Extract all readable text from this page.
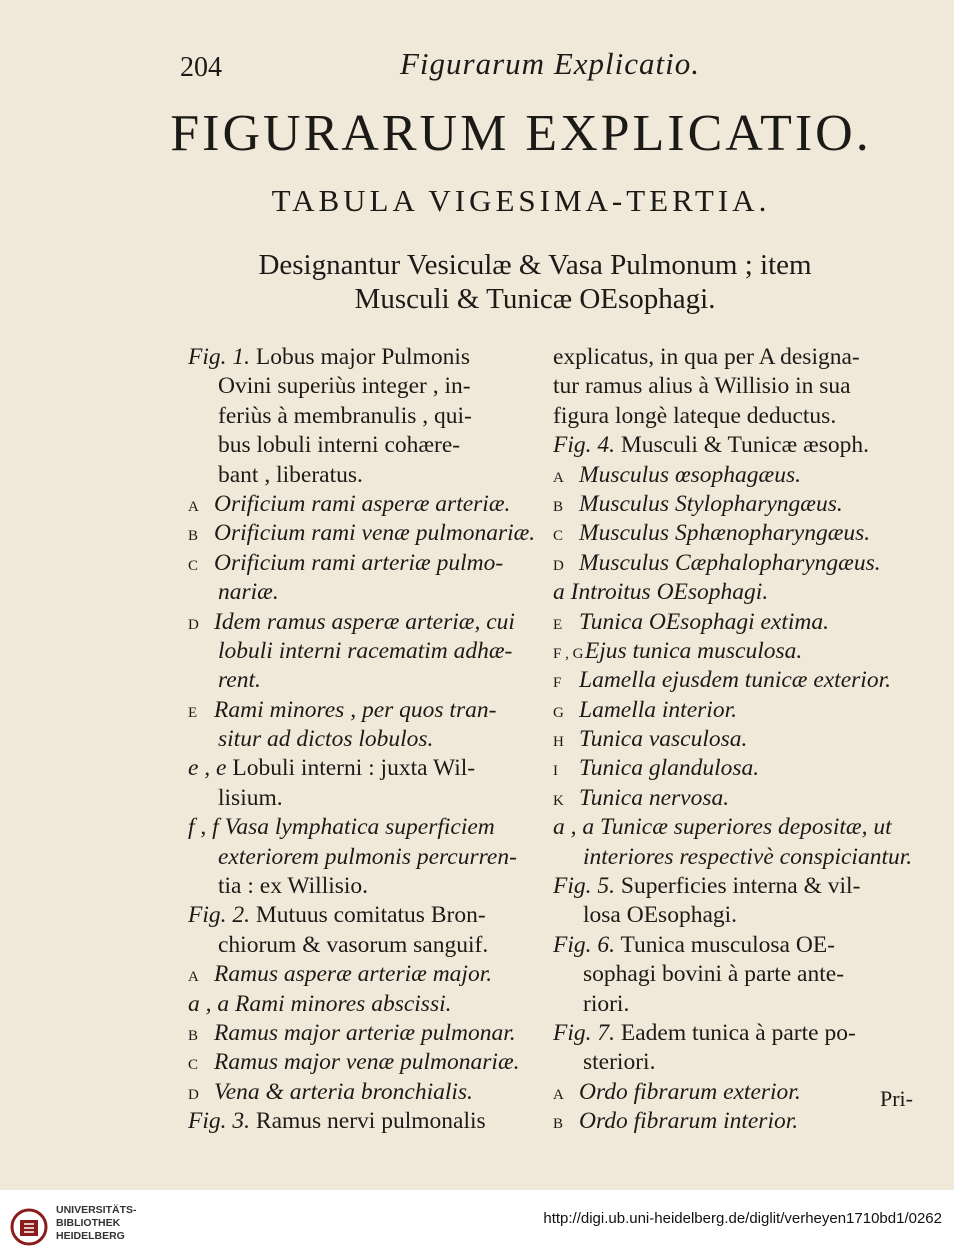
204	Figurarum Explicatio.
FIGURARUM EXPLICATIO.
TABULA VIGESIMA-TERTIA.
Designantur Vesiculæ & Vasa Pulmonum ; item
Musculi & Tunicæ OEsophagi.
Fig. 1. Lobus major Pulmonis
Ovini superiùs integer , in-
feriùs à membranulis , qui-
bus lobuli interni cohære-
bant , liberatus.
A Orificium rami asperæ arteriæ.
B Orificium rami venæ pulmonariæ.
C Orificium rami arteriæ pulmo-
nariæ.
D Idem ramus asperæ arteriæ, cui
lobuli interni racematim adhæ-
rent.
E Rami minores , per quos tran-
situr ad dictos lobulos.
e , e Lobuli interni : juxta Wil-
lisium.
f , f Vasa lymphatica superficiem
exteriorem pulmonis percurren-
tia : ex Willisio.
Fig. 2. Mutuus comitatus Bron-
chiorum & vasorum sanguif.
A Ramus asperæ arteriæ major.
a , a Rami minores abscissi.
B Ramus major arteriæ pulmonar.
C Ramus major venæ pulmonariæ.
D Vena & arteria bronchialis.
Fig. 3. Ramus nervi pulmonalis
explicatus, in qua per A designa-
tur ramus alius à Willisio in sua
figura longè lateque deductus.
Fig. 4. Musculi & Tunicæ æsoph.
A Musculus œsophagæus.
B Musculus Stylopharyngæus.
C Musculus Sphænopharyngæus.
D Musculus Cæphalopharyngæus.
a Introitus OEsophagi.
E Tunica OEsophagi extima.
F , G Ejus tunica musculosa.
F Lamella ejusdem tunicæ exterior.
G Lamella interior.
H Tunica vasculosa.
I Tunica glandulosa.
K Tunica nervosa.
a , a Tunicæ superiores depositæ, ut
interiores respectivè conspiciantur.
Fig. 5. Superficies interna & vil-
losa OEsophagi.
Fig. 6. Tunica musculosa OE-
sophagi bovini à parte ante-
riori.
Fig. 7. Eadem tunica à parte po-
steriori.
A Ordo fibrarum exterior.
B Ordo fibrarum interior.
Pri-
UNIVERSITÄTS-
BIBLIOTHEK
HEIDELBERG
http://digi.ub.uni-heidelberg.de/diglit/verheyen1710bd1/0262
